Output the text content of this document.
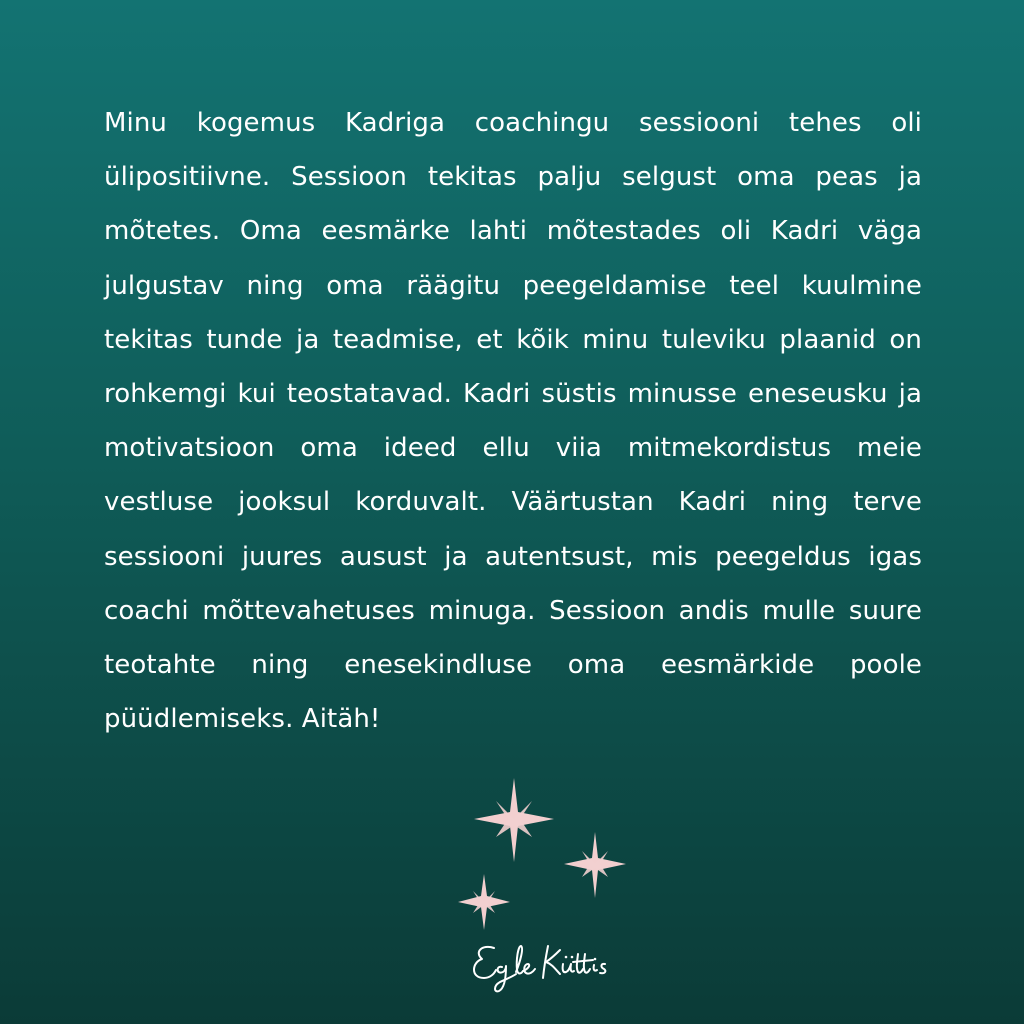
Minu kogemus Kadriga coachingu sessiooni tehes oli ülipositiivne. Sessioon tekitas palju selgust oma peas ja mõtetes. Oma eesmärke lahti mõtestades oli Kadri väga julgustav ning oma räägitu peegeldamise teel kuulmine tekitas tunde ja teadmise, et kõik minu tuleviku plaanid on rohkemgi kui teostatavad. Kadri süstis minusse eneseusku ja motivatsioon oma ideed ellu viia mitmekordistus meie vestluse jooksul korduvalt. Väärtustan Kadri ning terve sessiooni juures ausust ja autentsust, mis peegeldus igas coachi mõttevahetuses minuga. Sessioon andis mulle suure teotahte ning enesekindluse oma eesmärkide poole püüdlemiseks. Aitäh!
